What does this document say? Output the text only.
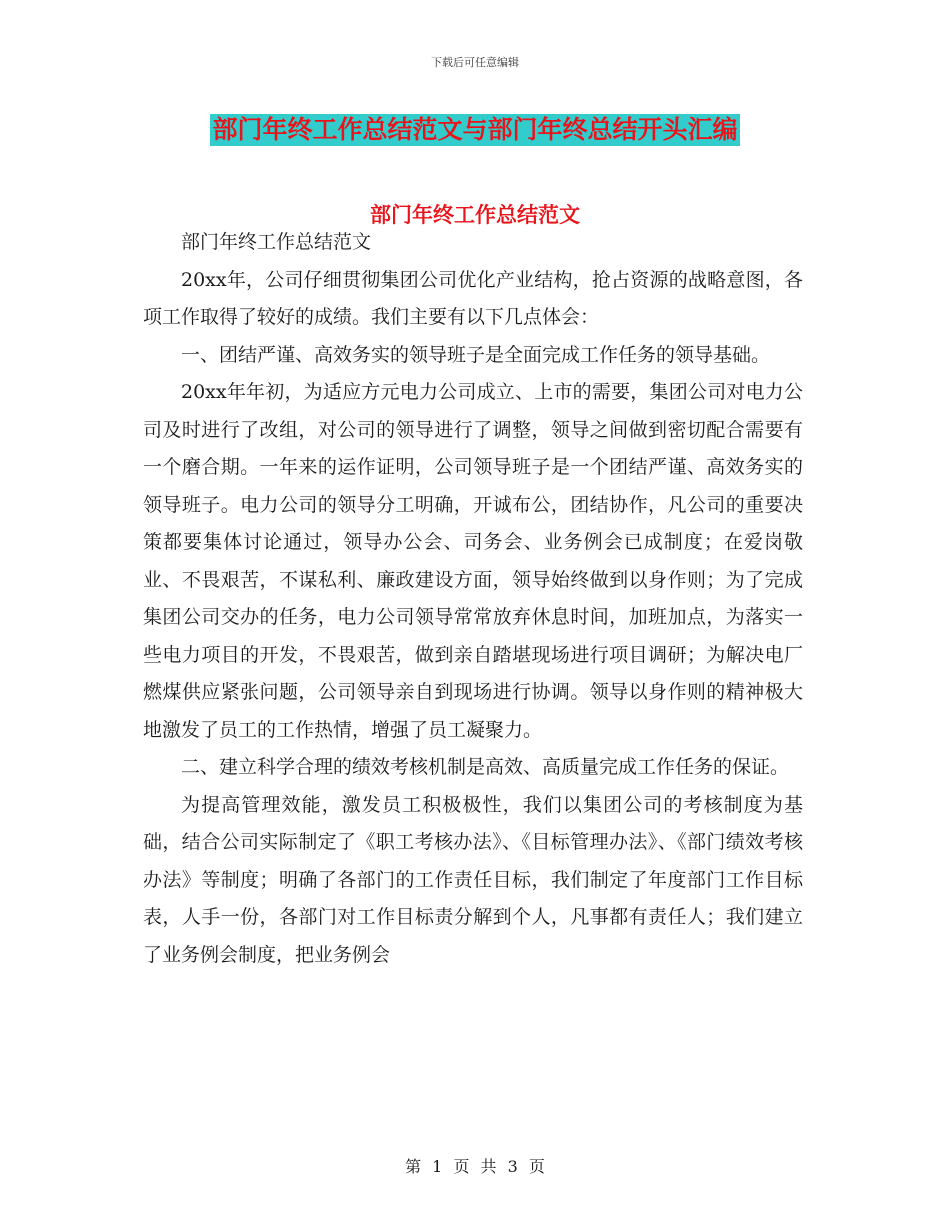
下载后可任意编辑
部门年终工作总结范文与部门年终总结开头汇编
部门年终工作总结范文

部门年终工作总结范文

20xx年，公司仔细贯彻集团公司优化产业结构，抢占资源的战略意图，各项工作取得了较好的成绩。我们主要有以下几点体会：

一、团结严谨、高效务实的领导班子是全面完成工作任务的领导基础。

20xx年年初，为适应方元电力公司成立、上市的需要，集团公司对电力公司及时进行了改组，对公司的领导进行了调整，领导之间做到密切配合需要有一个磨合期。一年来的运作证明，公司领导班子是一个团结严谨、高效务实的领导班子。电力公司的领导分工明确，开诚布公，团结协作，凡公司的重要决策都要集体讨论通过，领导办公会、司务会、业务例会已成制度；在爱岗敬业、不畏艰苦，不谋私利、廉政建设方面，领导始终做到以身作则；为了完成集团公司交办的任务，电力公司领导常常放弃休息时间，加班加点，为落实一些电力项目的开发，不畏艰苦，做到亲自踏堪现场进行项目调研；为解决电厂燃煤供应紧张问题，公司领导亲自到现场进行协调。领导以身作则的精神极大地激发了员工的工作热情，增强了员工凝聚力。

二、建立科学合理的绩效考核机制是高效、高质量完成工作任务的保证。

为提高管理效能，激发员工积极极性，我们以集团公司的考核制度为基础，结合公司实际制定了《职工考核办法》、《目标管理办法》、《部门绩效考核办法》等制度；明确了各部门的工作责任目标，我们制定了年度部门工作目标表，人手一份，各部门对工作目标责分解到个人，凡事都有责任人；我们建立了业务例会制度，把业务例会

第 1 页 共 3 页
